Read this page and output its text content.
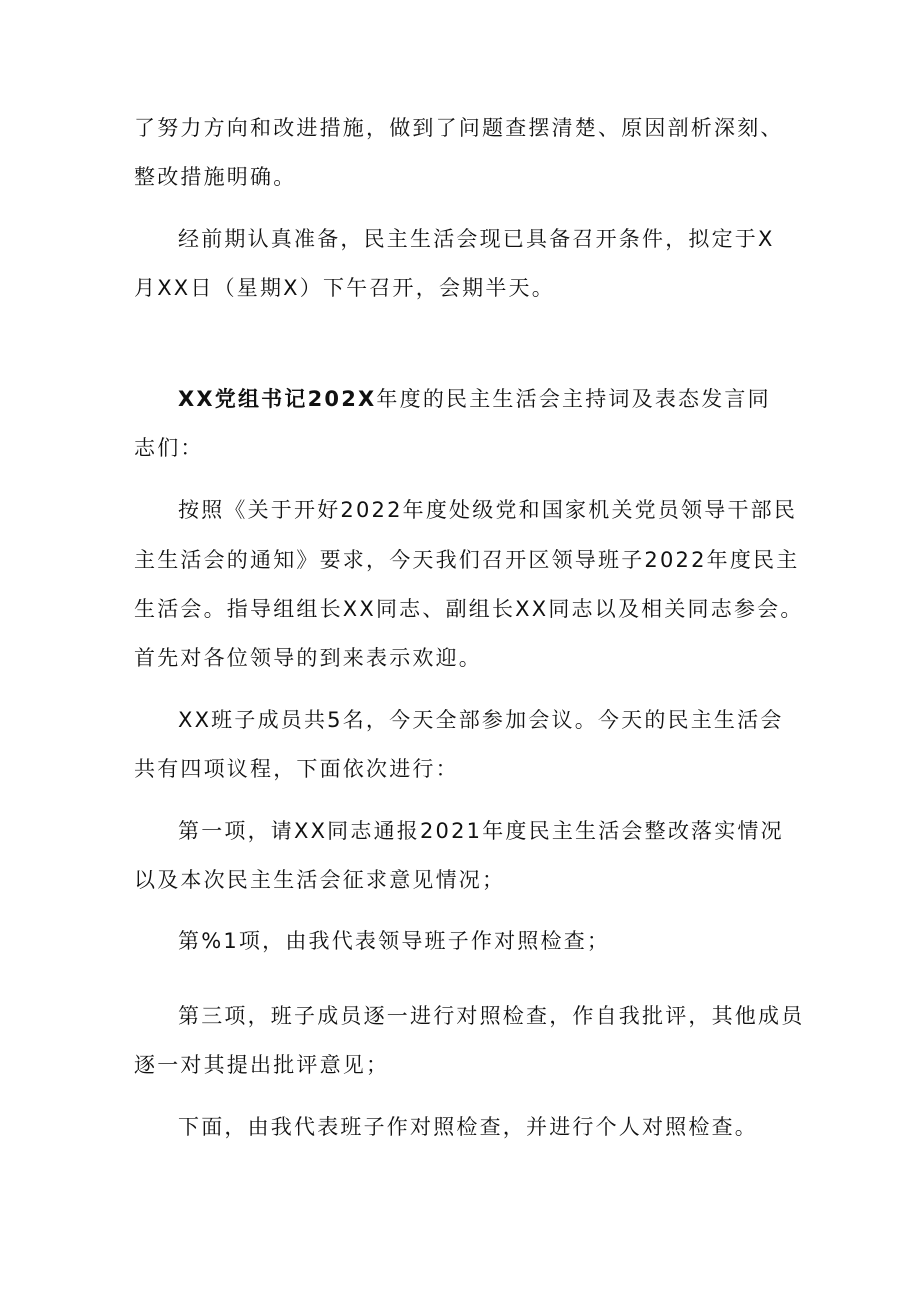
了努力方向和改进措施，做到了问题查摆清楚、原因剖析深刻、
整改措施明确。
经前期认真准备，民主生活会现已具备召开条件，拟定于X
月XX日（星期X）下午召开，会期半天。
XX党组书记202X年度的民主生活会主持词及表态发言同
志们：
按照《关于开好2022年度处级党和国家机关党员领导干部民
主生活会的通知》要求，今天我们召开区领导班子2022年度民主
生活会。指导组组长XX同志、副组长XX同志以及相关同志参会。
首先对各位领导的到来表示欢迎。
XX班子成员共5名，今天全部参加会议。今天的民主生活会
共有四项议程，下面依次进行：
第一项，请XX同志通报2021年度民主生活会整改落实情况
以及本次民主生活会征求意见情况；
第%1项，由我代表领导班子作对照检查；
第三项，班子成员逐一进行对照检查，作自我批评，其他成员
逐一对其提出批评意见；
下面，由我代表班子作对照检查，并进行个人对照检查。
